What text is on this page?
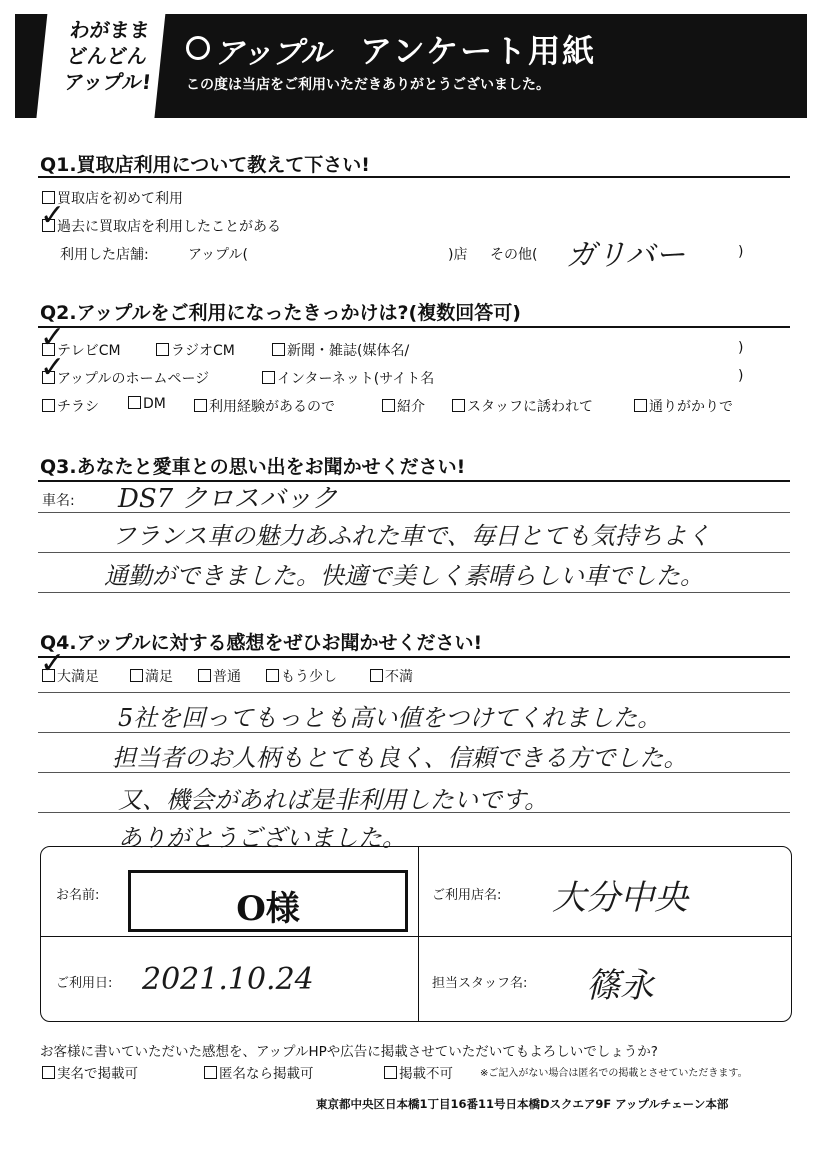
わがまま
どんどん
アップル!
アップル アンケート用紙
この度は当店をご利用いただきありがとうございました。
Q1.買取店利用について教えて下さい!
買取店を初めて利用
過去に買取店を利用したことがある
✓
利用した店舗:	アップル(	)店 その他( ガリバー	)
Q2.アップルをご利用になったきっかけは?(複数回答可)
テレビCM
✓	ラジオCM	新聞・雑誌(媒体名/	)
アップルのホームページ
✓	インターネット(サイト名	)
チラシ	DM	利用経験があるので	紹介	スタッフに誘われて	通りがかりで
Q3.あなたと愛車との思い出をお聞かせください!
車名: DS7 クロスバック
フランス車の魅力あふれた車で、毎日とても気持ちよく
通勤ができました。快適で美しく素晴らしい車でした。
Q4.アップルに対する感想をぜひお聞かせください!
大満足
✓	満足	普通	もう少し	不満
5社を回ってもっとも高い値をつけてくれました。
担当者のお人柄もとても良く、信頼できる方でした。
又、機会があれば是非利用したいです。
ありがとうございました。
お名前:	O様	ご利用店名: 大分中央
ご利用日: 2021.10.24	担当スタッフ名: 篠永
お客様に書いていただいた感想を、アップルHPや広告に掲載させていただいてもよろしいでしょうか?
実名で掲載可	匿名なら掲載可	掲載不可	※ご記入がない場合は匿名での掲載とさせていただきます。
東京都中央区日本橋1丁目16番11号日本橋Dスクエア9F アップルチェーン本部
